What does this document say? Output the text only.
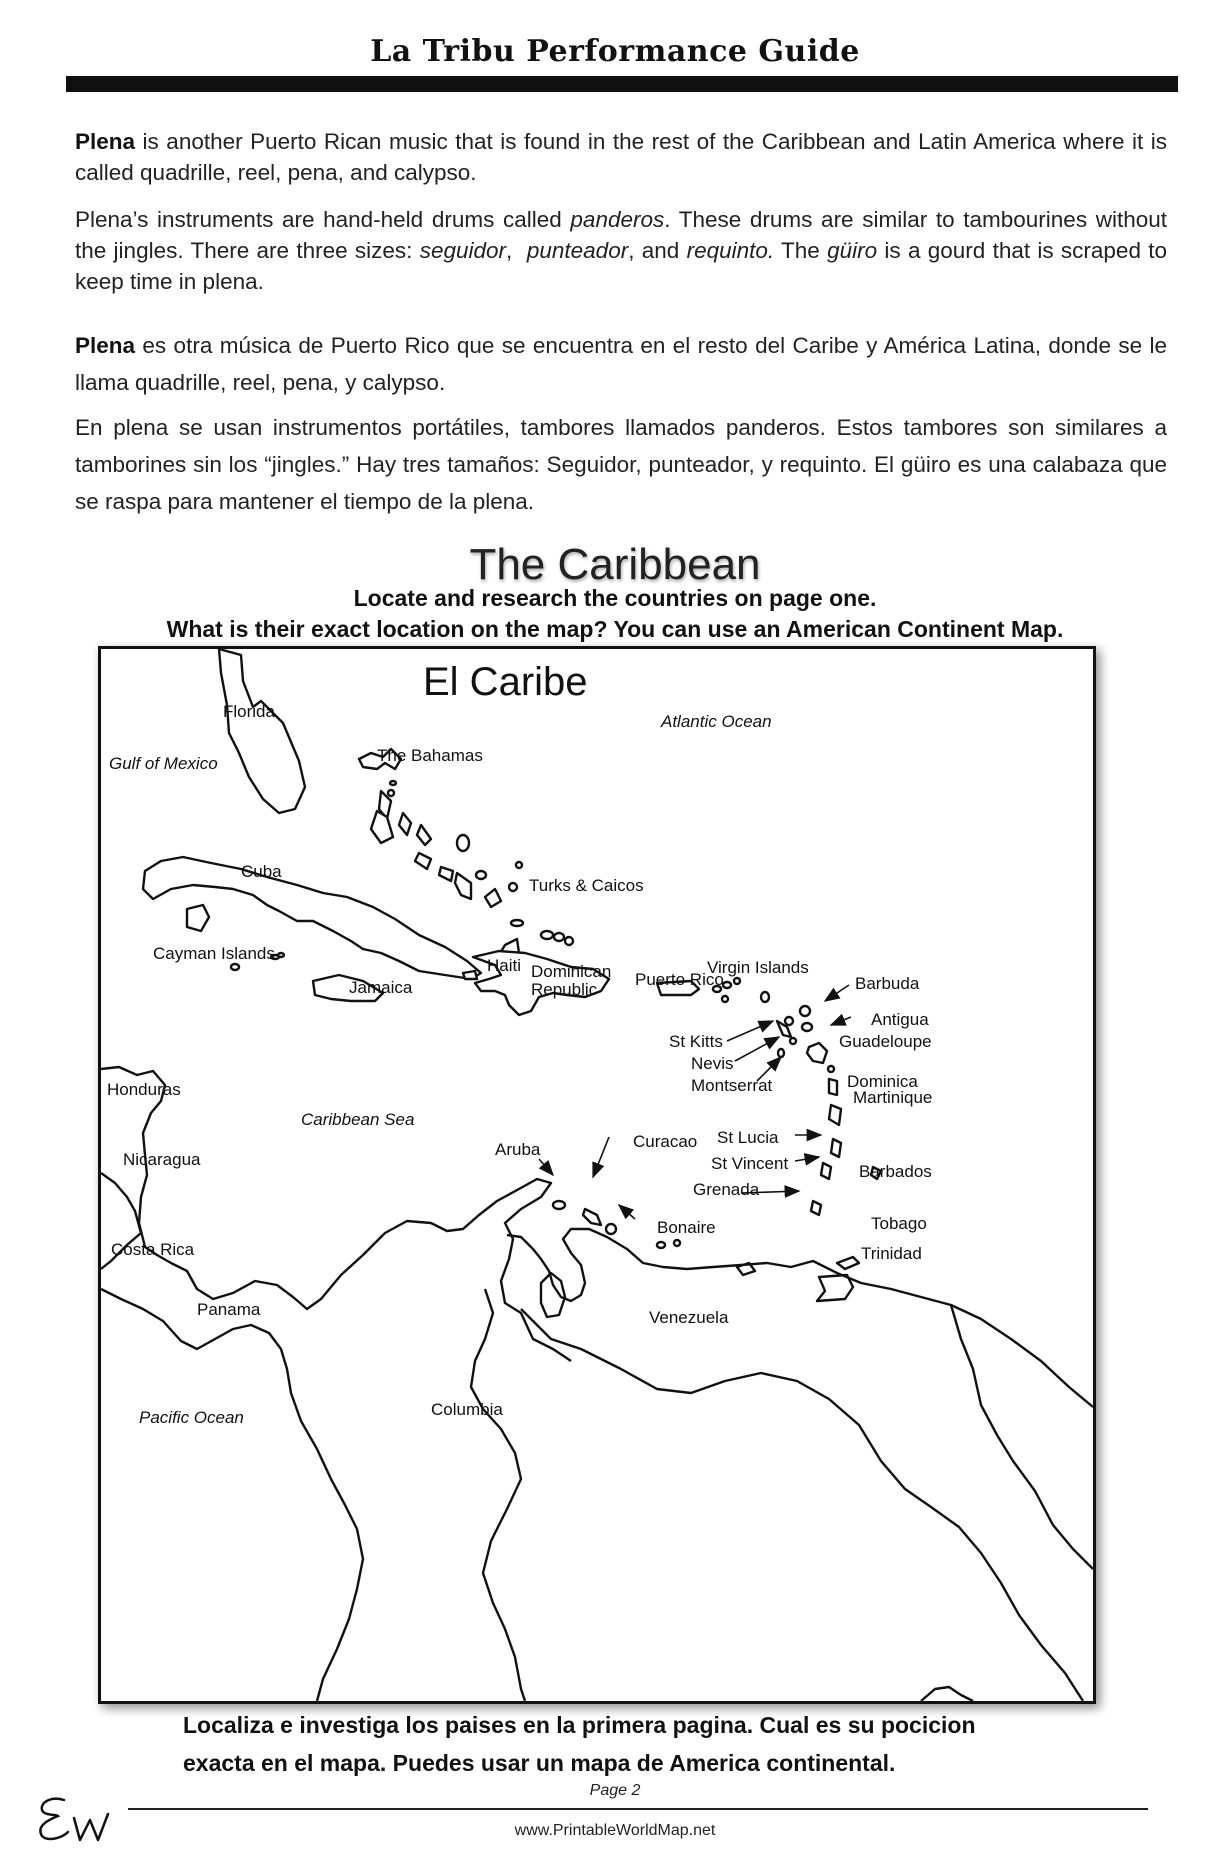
La Tribu Performance Guide

Plena is another Puerto Rican music that is found in the rest of the Caribbean and Latin America where it is called quadrille, reel, pena, and calypso.

Plena’s instruments are hand-held drums called panderos. These drums are similar to tambourines without the jingles. There are three sizes: seguidor,  punteador, and requinto. The güiro is a gourd that is scraped to keep time in plena.

Plena es otra música de Puerto Rico que se encuentra en el resto del Caribe y América Latina, donde se le llama quadrille, reel, pena, y calypso.

En plena se usan instrumentos portátiles, tambores llamados panderos. Estos tambores son similares a tamborines sin los “jingles.” Hay tres tamaños: Seguidor, punteador, y requinto. El güiro es una calabaza que se raspa para mantener el tiempo de la plena.

The Caribbean
Locate and research the countries on page one.
What is their exact location on the map? You can use an American Continent Map.
El Caribe
Florida
Atlantic Ocean
Gulf of Mexico	The Bahamas
Cuba
Turks & Caicos
Cayman Islands
Haiti Dominican
Republic
Puerto Rico
Virgin Islands
Barbuda
Antigua
Guadeloupe
Jamaica
St Kitts
Nevis
Montserrat	Dominica
Martinique
Honduras
Caribbean Sea
Nicaragua
Aruba	Curacao St Lucia
St Vincent	Barbados
Grenada
Bonaire	Tobago
Trinidad
Costa Rica
Panama	Venezuela
Pacific Ocean	Columbia
Localiza e investiga los paises en la primera pagina. Cual es su pocicion
exacta en el mapa. Puedes usar un mapa de America continental.
Page 2
www.PrintableWorldMap.net
